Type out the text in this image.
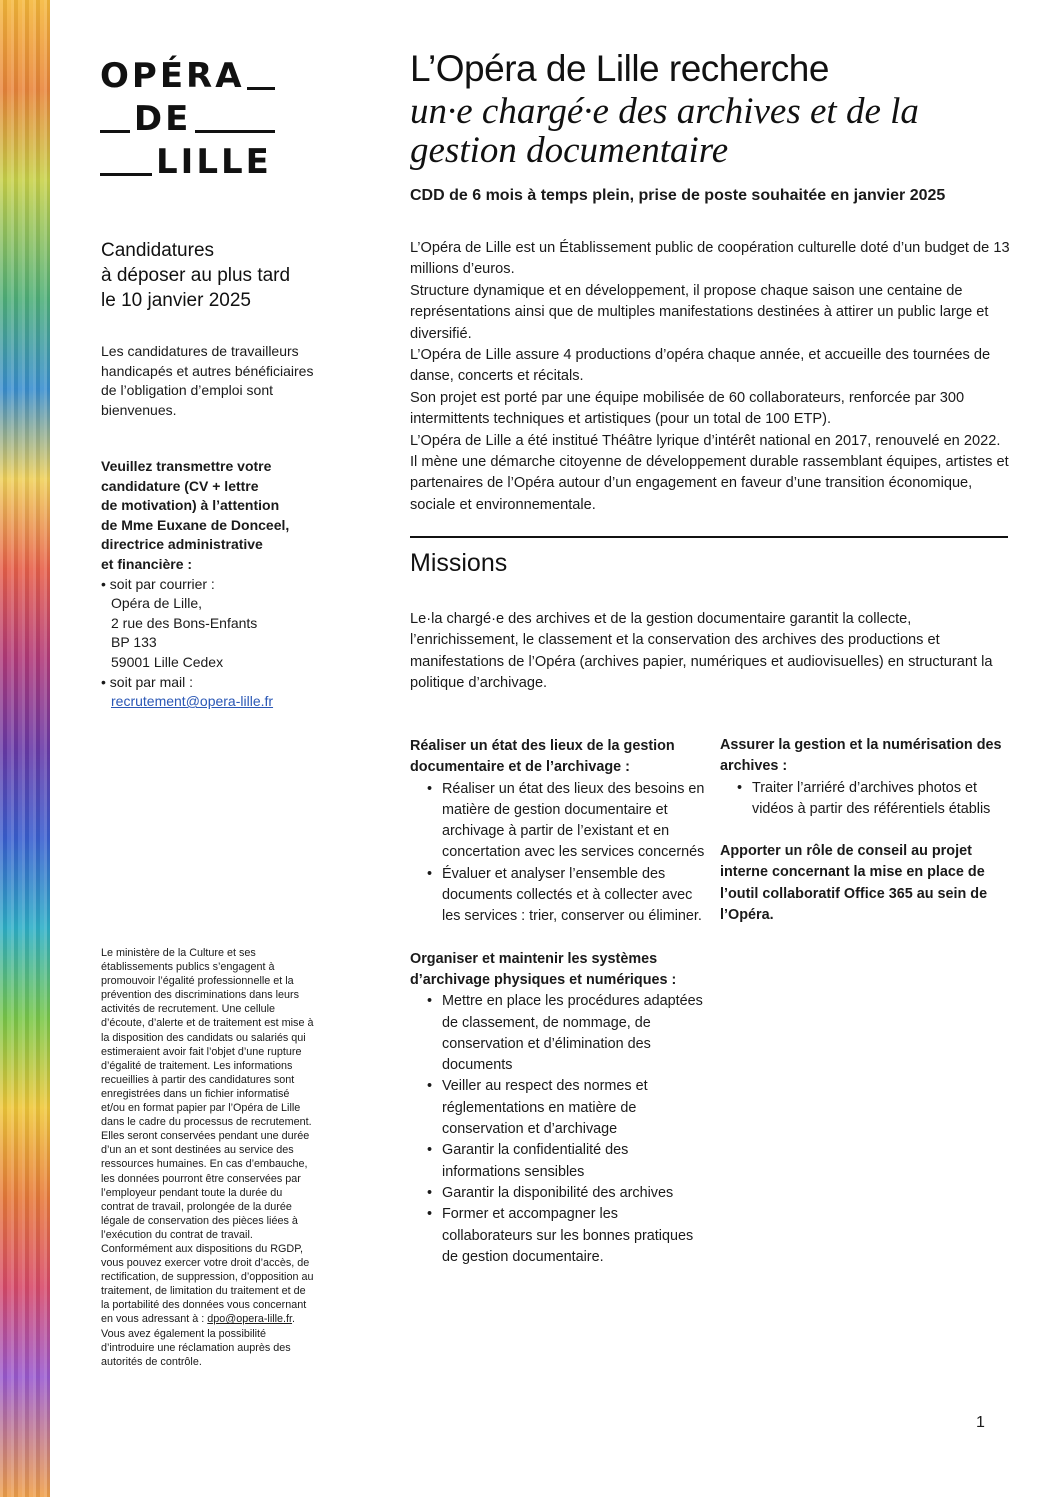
OPÉRA
DE
LILLE
Candidatures
à déposer au plus tard
le 10 janvier 2025
Les candidatures de travailleurs handicapés et autres bénéficiaires de l’obligation d’emploi sont bienvenues.
Veuillez transmettre votre
candidature (CV + lettre
de motivation) à l’attention
de Mme Euxane de Donceel,
directrice administrative
et financière :
• soit par courrier :
Opéra de Lille,
2 rue des Bons-Enfants
BP 133
59001 Lille Cedex
• soit par mail :
recrutement@opera-lille.fr
Le ministère de la Culture et ses établissements publics s’engagent à promouvoir l’égalité professionnelle et la prévention des discriminations dans leurs activités de recrutement. Une cellule d’écoute, d’alerte et de traitement est mise à la disposition des candidats ou salariés qui estimeraient avoir fait l’objet d’une rupture d’égalité de traitement. Les informations recueillies à partir des candidatures sont enregistrées dans un fichier informatisé et/ou en format papier par l’Opéra de Lille dans le cadre du processus de recrutement. Elles seront conservées pendant une durée d’un an et sont destinées au service des ressources humaines. En cas d’embauche, les données pourront être conservées par l’employeur pendant toute la durée du contrat de travail, prolongée de la durée légale de conservation des pièces liées à l’exécution du contrat de travail. Conformément aux dispositions du RGDP, vous pouvez exercer votre droit d’accès, de rectification, de suppression, d’opposition au traitement, de limitation du traitement et de la portabilité des données vous concernant en vous adressant à : dpo@opera-lille.fr. Vous avez également la possibilité d’introduire une réclamation auprès des autorités de contrôle.
L’Opéra de Lille recherche
un·e chargé·e des archives et de la
gestion documentaire
CDD de 6 mois à temps plein, prise de poste souhaitée en janvier 2025

L’Opéra de Lille est un Établissement public de coopération culturelle doté d’un budget de 13 millions d’euros.

Structure dynamique et en développement, il propose chaque saison une centaine de représentations ainsi que de multiples manifestations destinées à attirer un public large et diversifié.

L’Opéra de Lille assure 4 productions d’opéra chaque année, et accueille des tournées de danse, concerts et récitals.

Son projet est porté par une équipe mobilisée de 60 collaborateurs, renforcée par 300 intermittents techniques et artistiques (pour un total de 100 ETP).

L’Opéra de Lille a été institué Théâtre lyrique d’intérêt national en 2017, renouvelé en 2022.

Il mène une démarche citoyenne de développement durable rassemblant équipes, artistes et partenaires de l’Opéra autour d’un engagement en faveur d’une transition économique, sociale et environnementale.

Missions
Le·la chargé·e des archives et de la gestion documentaire garantit la collecte, l’enrichissement, le classement et la conservation des archives des productions et manifestations de l’Opéra (archives papier, numériques et audiovisuelles) en structurant la politique d’archivage.
Réaliser un état des lieux de la gestion documentaire et de l’archivage :
• Réaliser un état des lieux des besoins en matière de gestion documentaire et archivage à partir de l’existant et en concertation avec les services concernés
• Évaluer et analyser l’ensemble des documents collectés et à collecter avec les services : trier, conserver ou éliminer.
Organiser et maintenir les systèmes d’archivage physiques et numériques :
• Mettre en place les procédures adaptées de classement, de nommage, de conservation et d’élimination des documents
• Veiller au respect des normes et réglementations en matière de conservation et d’archivage
• Garantir la confidentialité des informations sensibles
• Garantir la disponibilité des archives
• Former et accompagner les collaborateurs sur les bonnes pratiques de gestion documentaire.
Assurer la gestion et la numérisation des archives :
• Traiter l’arriéré d’archives photos et vidéos à partir des référentiels établis
Apporter un rôle de conseil au projet interne concernant la mise en place de l’outil collaboratif Office 365 au sein de l’Opéra.
1
